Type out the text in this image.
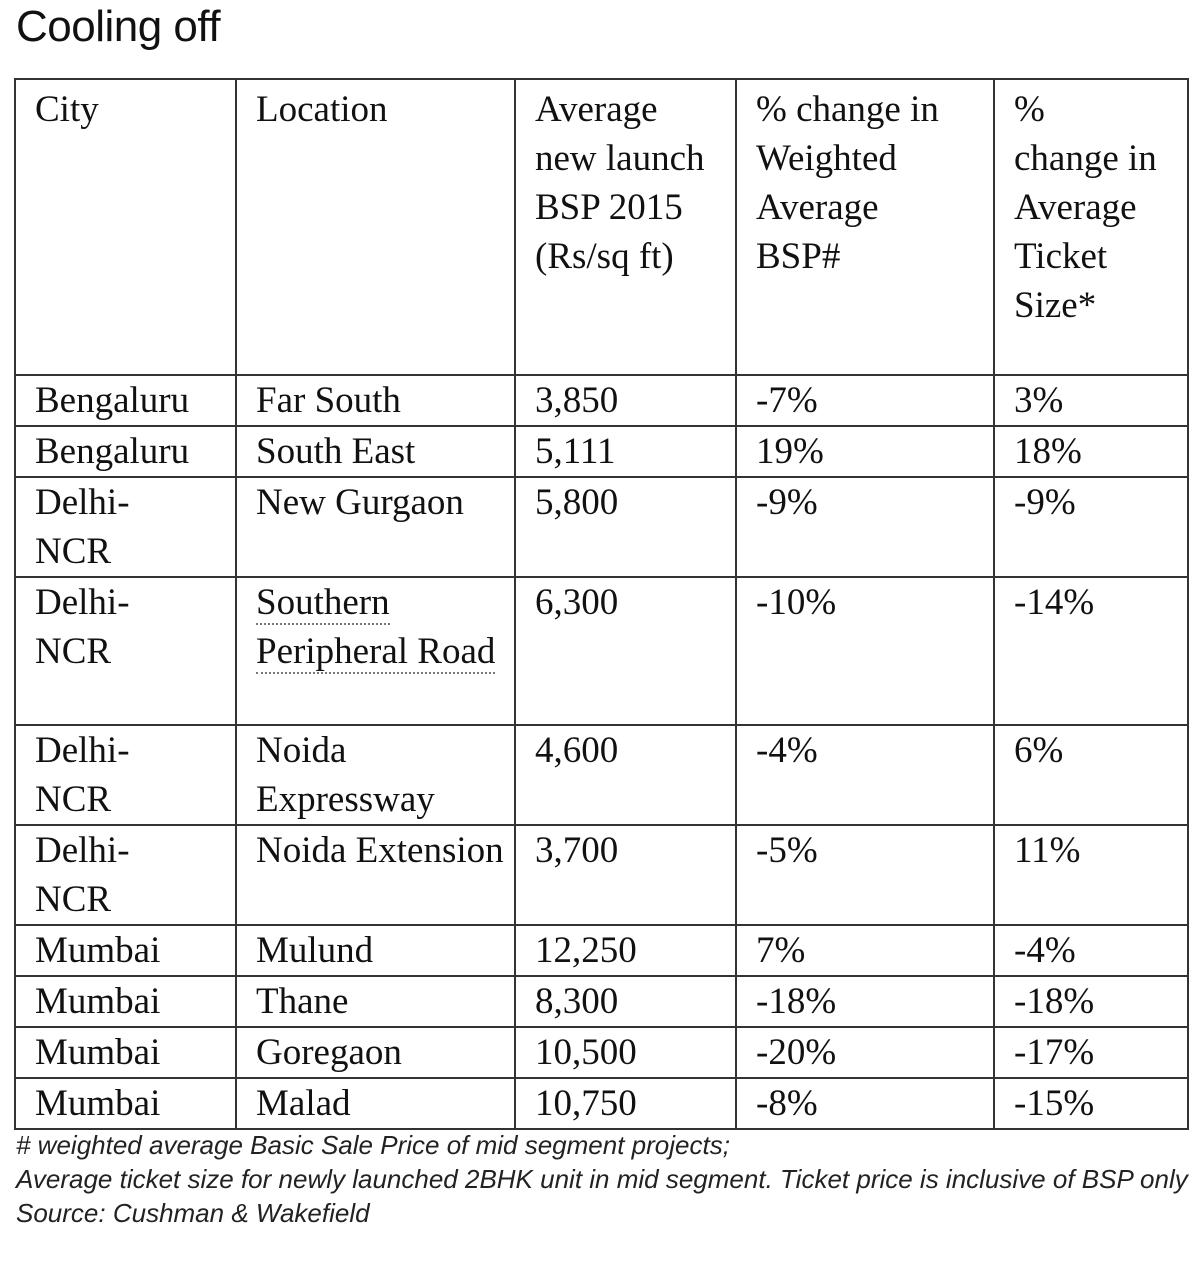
Cooling off
City	Location	Average new launch BSP 2015 (Rs/sq ft)	% change in Weighted Average BSP#	% change in Average Ticket Size*
Bengaluru	Far South	3,850	-7%	3%
Bengaluru	South East	5,111	19%	18%
Delhi-NCR	New Gurgaon	5,800	-9%	-9%
Delhi-NCR	Southern Peripheral Road	6,300	-10%	-14%
Delhi-NCR	Noida Expressway	4,600	-4%	6%
Delhi-NCR	Noida Extension	3,700	-5%	11%
Mumbai	Mulund	12,250	7%	-4%
Mumbai	Thane	8,300	-18%	-18%
Mumbai	Goregaon	10,500	-20%	-17%
Mumbai	Malad	10,750	-8%	-15%
# weighted average Basic Sale Price of mid segment projects;
Average ticket size for newly launched 2BHK unit in mid segment. Ticket price is inclusive of BSP only
Source: Cushman & Wakefield
